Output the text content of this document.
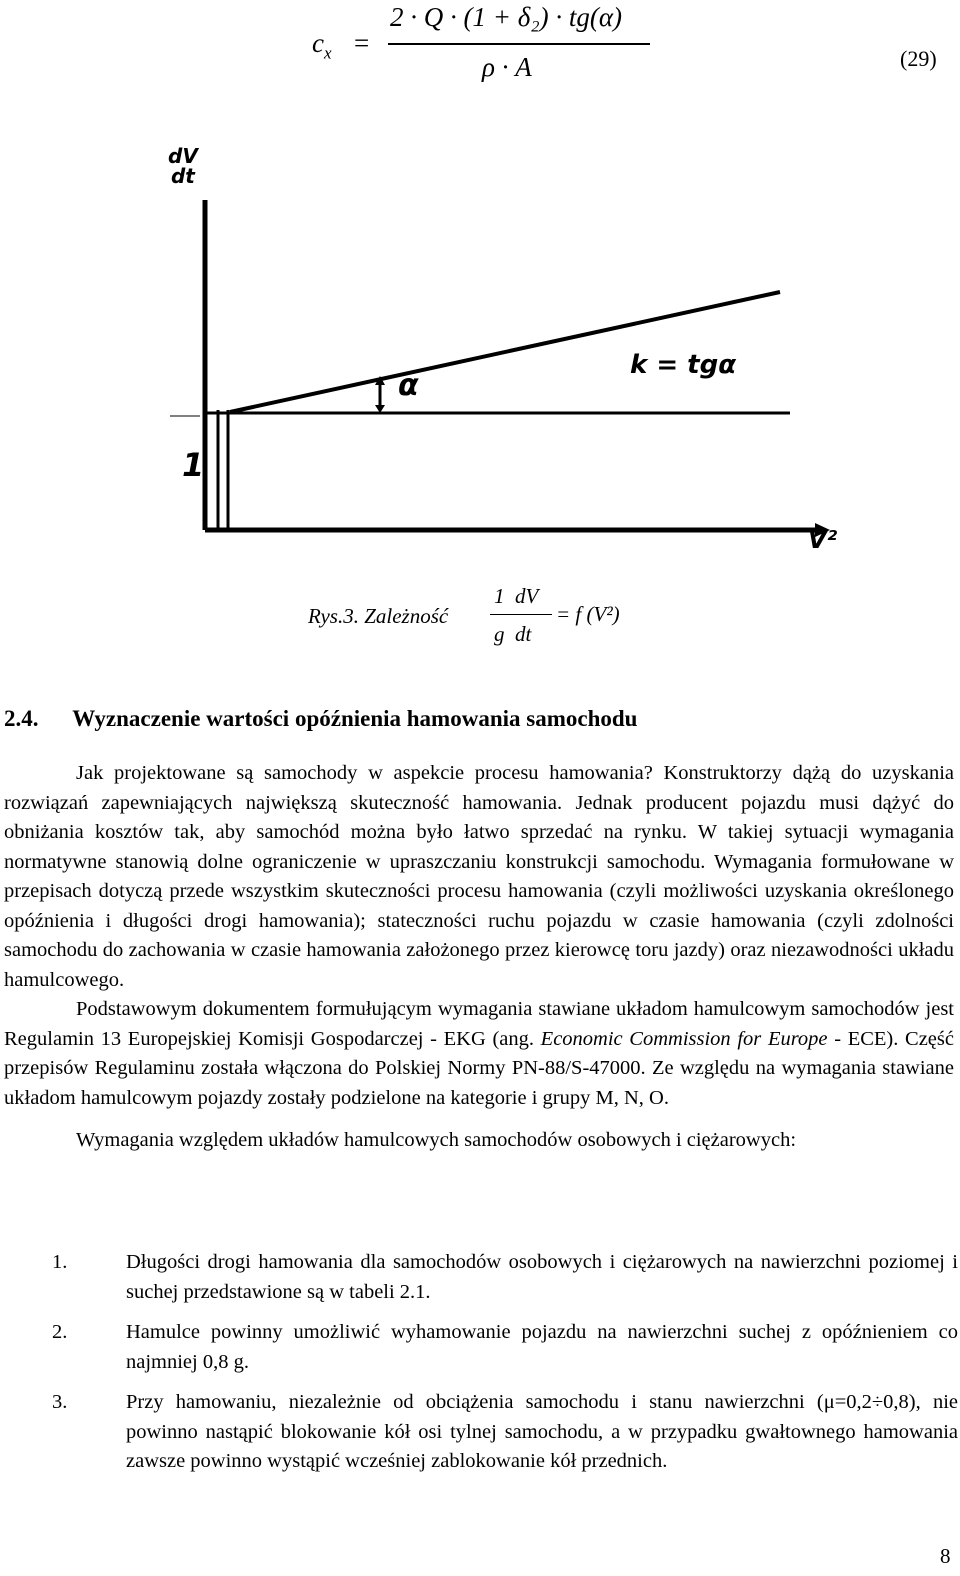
$c_x$ =
2 · Q · (1 + δ₂) · tg(α)
ρ · A	(29)
dV
dt
k = tgα
α
1
V²
Rys.3. Zależność
1  dV
g  dt
= f (V²)
2.4. Wyznaczenie wartości opóźnienia hamowania samochodu

Jak projektowane są samochody w aspekcie procesu hamowania? Konstruktorzy dążą do uzyskania rozwiązań zapewniających największą skuteczność hamowania. Jednak producent pojazdu musi dążyć do obniżania kosztów tak, aby samochód można było łatwo sprzedać na rynku. W takiej sytuacji wymagania normatywne stanowią dolne ograniczenie w upraszczaniu konstrukcji samochodu. Wymagania formułowane w przepisach dotyczą przede wszystkim skuteczności procesu hamowania (czyli możliwości uzyskania określonego opóźnienia i długości drogi hamowania); stateczności ruchu pojazdu w czasie hamowania (czyli zdolności samochodu do zachowania w czasie hamowania założonego przez kierowcę toru jazdy) oraz niezawodności układu hamulcowego.

Podstawowym dokumentem formułującym wymagania stawiane układom hamulcowym samochodów jest Regulamin 13 Europejskiej Komisji Gospodarczej - EKG (ang. Economic Commission for Europe - ECE). Część przepisów Regulaminu została włączona do Polskiej Normy PN-88/S-47000. Ze względu na wymagania stawiane układom hamulcowym pojazdy zostały podzielone na kategorie i grupy M, N, O.

Wymagania względem układów hamulcowych samochodów osobowych i ciężarowych:

1.	Długości drogi hamowania dla samochodów osobowych i ciężarowych na nawierzchni poziomej i suchej przedstawione są w tabeli 2.1.
2.	Hamulce powinny umożliwić wyhamowanie pojazdu na nawierzchni suchej z opóźnieniem co najmniej 0,8 g.
3.	Przy hamowaniu, niezależnie od obciążenia samochodu i stanu nawierzchni (μ=0,2÷0,8), nie powinno nastąpić blokowanie kół osi tylnej samochodu, a w przypadku gwałtownego hamowania zawsze powinno wystąpić wcześniej zablokowanie kół przednich.
8
